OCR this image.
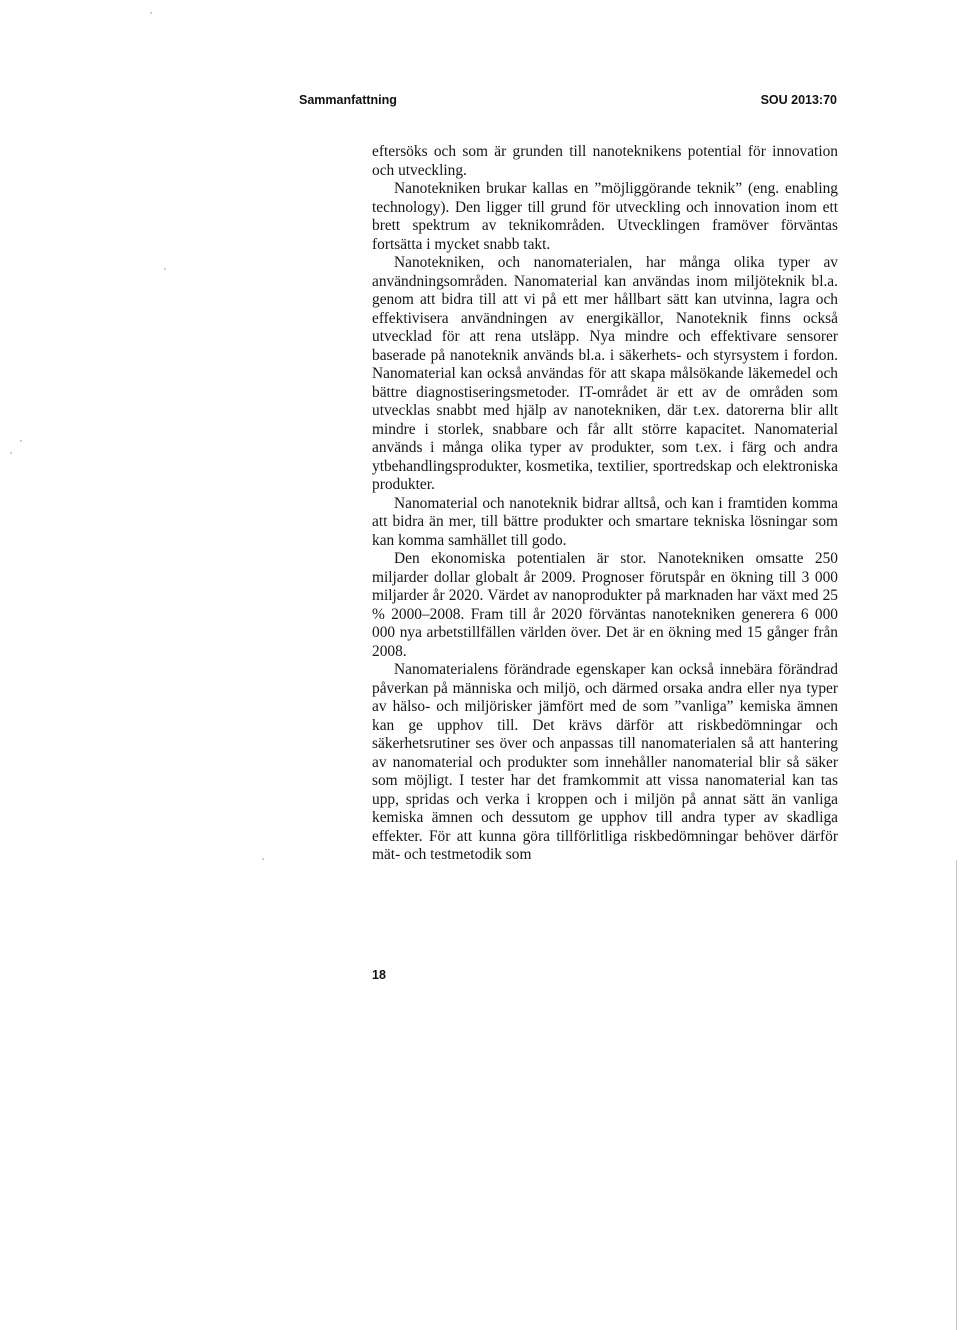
Sammanfattning	SOU 2013:70

eftersöks och som är grunden till nanoteknikens potential för innovation och utveckling.

Nanotekniken brukar kallas en ”möjliggörande teknik” (eng. enabling technology). Den ligger till grund för utveckling och innovation inom ett brett spektrum av teknikområden. Utvecklingen framöver förväntas fortsätta i mycket snabb takt.

Nanotekniken, och nanomaterialen, har många olika typer av användningsområden. Nanomaterial kan användas inom miljöteknik bl.a. genom att bidra till att vi på ett mer hållbart sätt kan utvinna, lagra och effektivisera användningen av energikällor, Nanoteknik finns också utvecklad för att rena utsläpp. Nya mindre och effektivare sensorer baserade på nanoteknik används bl.a. i säkerhets- och styrsystem i fordon. Nanomaterial kan också användas för att skapa målsökande läkemedel och bättre diagnostiseringsmetoder. IT-området är ett av de områden som utvecklas snabbt med hjälp av nanotekniken, där t.ex. datorerna blir allt mindre i storlek, snabbare och får allt större kapacitet. Nanomaterial används i många olika typer av produkter, som t.ex. i färg och andra ytbehandlingsprodukter, kosmetika, textilier, sportredskap och elektroniska produkter.

Nanomaterial och nanoteknik bidrar alltså, och kan i framtiden komma att bidra än mer, till bättre produkter och smartare tekniska lösningar som kan komma samhället till godo.

Den ekonomiska potentialen är stor. Nanotekniken omsatte 250 miljarder dollar globalt år 2009. Prognoser förutspår en ökning till 3 000 miljarder år 2020. Värdet av nanoprodukter på marknaden har växt med 25 % 2000–2008. Fram till år 2020 förväntas nanotekniken generera 6 000 000 nya arbetstillfällen världen över. Det är en ökning med 15 gånger från 2008.

Nanomaterialens förändrade egenskaper kan också innebära förändrad påverkan på människa och miljö, och därmed orsaka andra eller nya typer av hälso- och miljörisker jämfört med de som ”vanliga” kemiska ämnen kan ge upphov till. Det krävs därför att riskbedömningar och säkerhetsrutiner ses över och anpassas till nanomaterialen så att hantering av nanomaterial och produkter som innehåller nanomaterial blir så säker som möjligt. I tester har det framkommit att vissa nanomaterial kan tas upp, spridas och verka i kroppen och i miljön på annat sätt än vanliga kemiska ämnen och dessutom ge upphov till andra typer av skadliga effekter. För att kunna göra tillförlitliga riskbedömningar behöver därför mät- och testmetodik som

18
